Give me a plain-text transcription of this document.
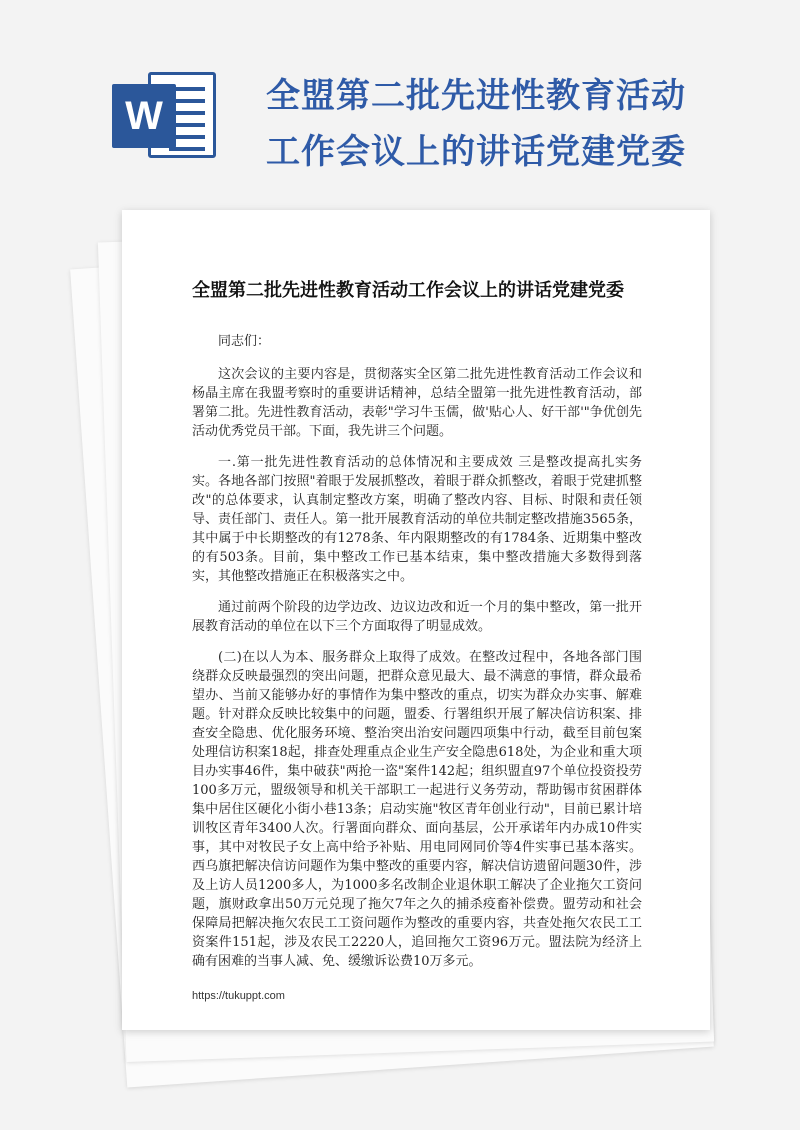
W	全盟第二批先进性教育活动工作会议上的讲话党建党委
全盟第二批先进性教育活动工作会议上的讲话党建党委

同志们：

这次会议的主要内容是，贯彻落实全区第二批先进性教育活动工作会议和杨晶主席在我盟考察时的重要讲话精神，总结全盟第一批先进性教育活动，部署第二批。先进性教育活动，表彰"学习牛玉儒，做'贴心人、好干部'"争优创先活动优秀党员干部。下面，我先讲三个问题。

一.第一批先进性教育活动的总体情况和主要成效 三是整改提高扎实务实。各地各部门按照"着眼于发展抓整改，着眼于群众抓整改，着眼于党建抓整改"的总体要求，认真制定整改方案，明确了整改内容、目标、时限和责任领导、责任部门、责任人。第一批开展教育活动的单位共制定整改措施3565条，其中属于中长期整改的有1278条、年内限期整改的有1784条、近期集中整改的有503条。目前，集中整改工作已基本结束，集中整改措施大多数得到落实，其他整改措施正在积极落实之中。

通过前两个阶段的边学边改、边议边改和近一个月的集中整改，第一批开展教育活动的单位在以下三个方面取得了明显成效。

(二)在以人为本、服务群众上取得了成效。在整改过程中，各地各部门围绕群众反映最强烈的突出问题，把群众意见最大、最不满意的事情，群众最希望办、当前又能够办好的事情作为集中整改的重点，切实为群众办实事、解难题。针对群众反映比较集中的问题，盟委、行署组织开展了解决信访积案、排查安全隐患、优化服务环境、整治突出治安问题四项集中行动，截至目前包案处理信访积案18起，排查处理重点企业生产安全隐患618处，为企业和重大项目办实事46件，集中破获"两抢一盗"案件142起；组织盟直97个单位投资投劳100多万元，盟级领导和机关干部职工一起进行义务劳动，帮助锡市贫困群体集中居住区硬化小街小巷13条；启动实施"牧区青年创业行动"，目前已累计培训牧区青年3400人次。行署面向群众、面向基层，公开承诺年内办成10件实事，其中对牧民子女上高中给予补贴、用电同网同价等4件实事已基本落实。西乌旗把解决信访问题作为集中整改的重要内容，解决信访遗留问题30件，涉及上访人员1200多人，为1000多名改制企业退休职工解决了企业拖欠工资问题，旗财政拿出50万元兑现了拖欠7年之久的捕杀疫畜补偿费。盟劳动和社会保障局把解决拖欠农民工工资问题作为整改的重要内容，共查处拖欠农民工工资案件151起，涉及农民工2220人，追回拖欠工资96万元。盟法院为经济上确有困难的当事人减、免、缓缴诉讼费10万多元。

https://tukuppt.com
